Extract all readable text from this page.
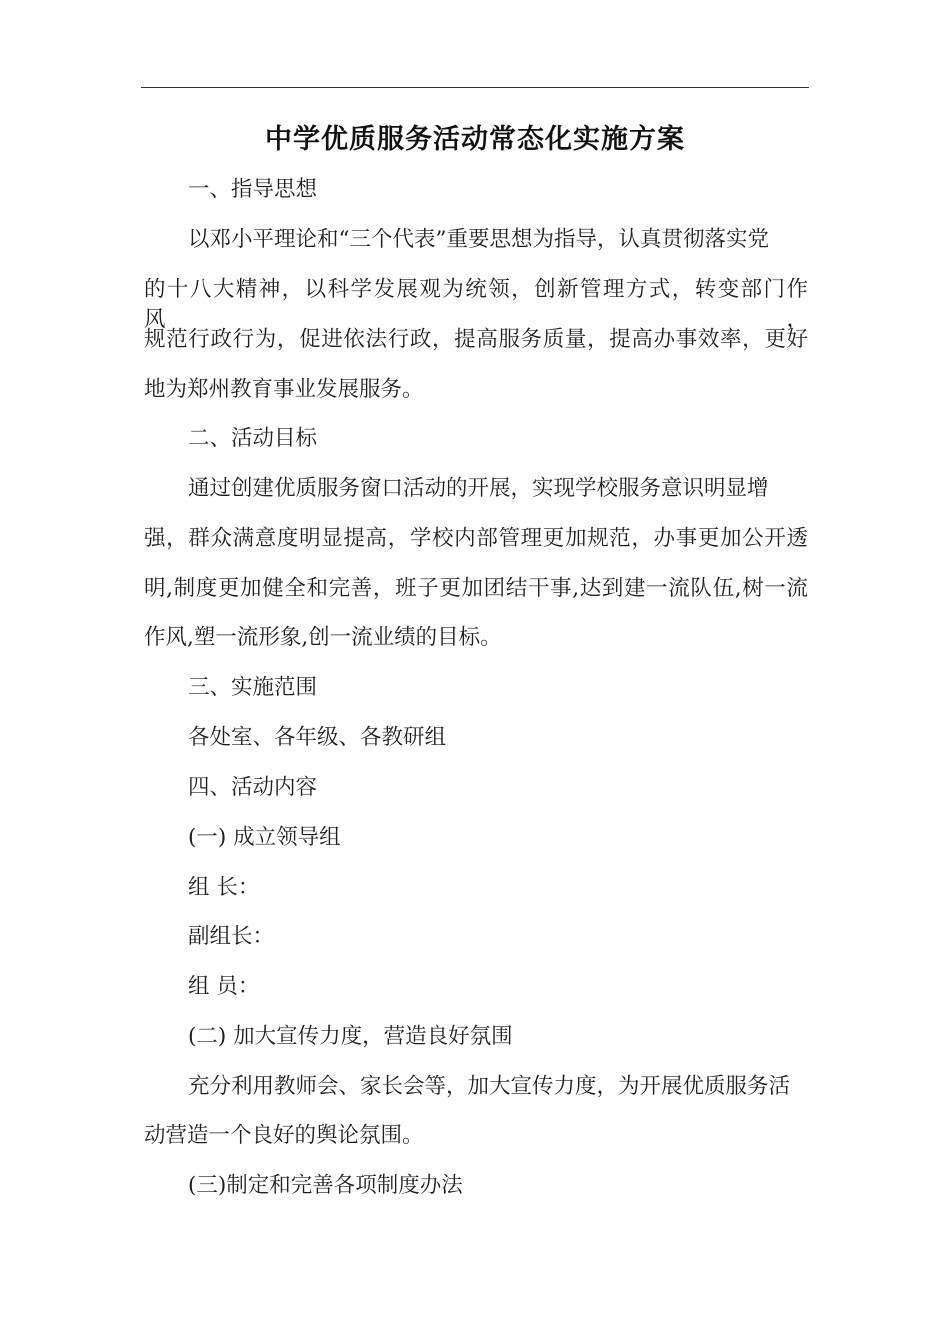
中学优质服务活动常态化实施方案
一、指导思想
以邓小平理论和“三个代表”重要思想为指导，认真贯彻落实党
的十八大精神，以科学发展观为统领，创新管理方式，转变部门作风，
规范行政行为，促进依法行政，提高服务质量，提高办事效率，更好
地为郑州教育事业发展服务。
二、活动目标
通过创建优质服务窗口活动的开展，实现学校服务意识明显增
强，群众满意度明显提高，学校内部管理更加规范，办事更加公开透
明,制度更加健全和完善，班子更加团结干事,达到建一流队伍,树一流
作风,塑一流形象,创一流业绩的目标。
三、实施范围
各处室、各年级、各教研组
四、活动内容
(一) 成立领导组
组 长：
副组长：
组 员：
(二) 加大宣传力度，营造良好氛围
充分利用教师会、家长会等，加大宣传力度，为开展优质服务活
动营造一个良好的舆论氛围。
(三)制定和完善各项制度办法
